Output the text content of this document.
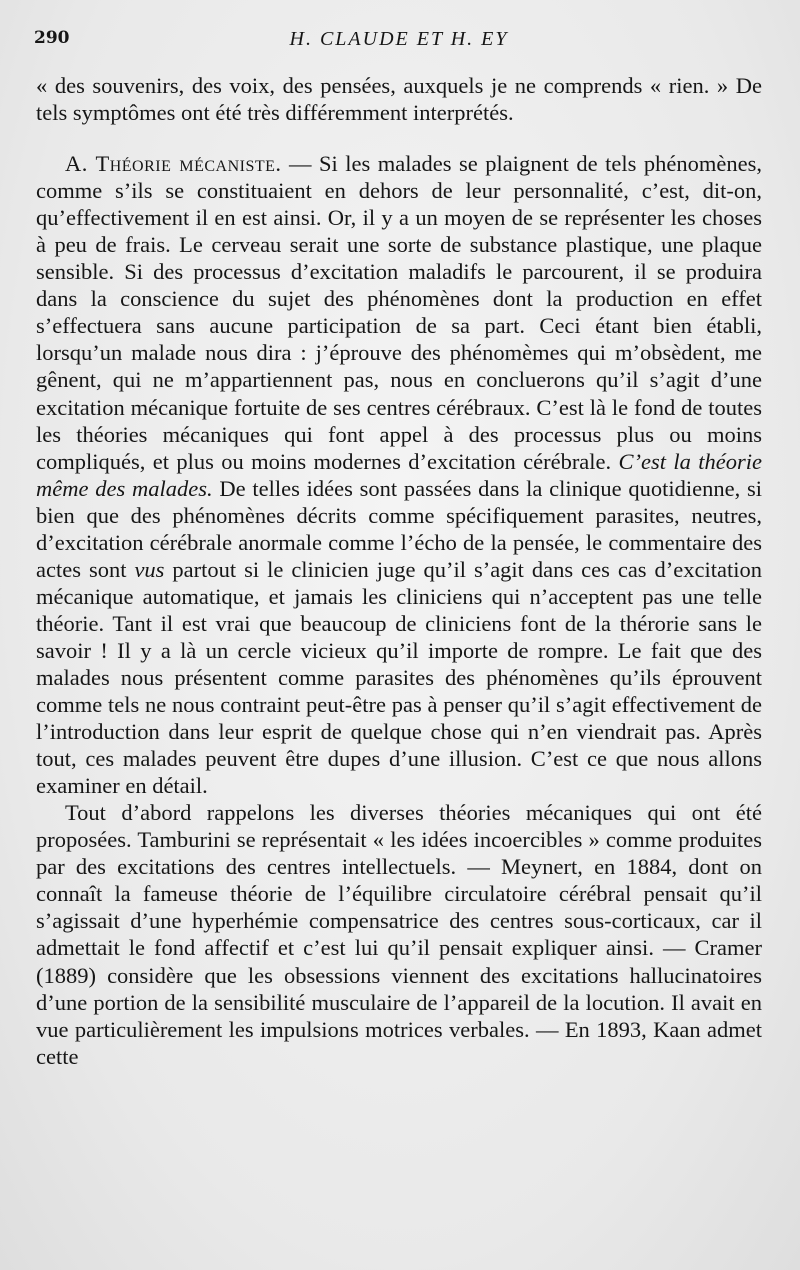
290	H. CLAUDE ET H. EY

« des souvenirs, des voix, des pensées, auxquels je ne comprends « rien. » De tels symptômes ont été très différemment interprétés.

A. Théorie mécaniste. — Si les malades se plaignent de tels phénomènes, comme s’ils se constituaient en dehors de leur personnalité, c’est, dit-on, qu’effectivement il en est ainsi. Or, il y a un moyen de se représenter les choses à peu de frais. Le cerveau serait une sorte de substance plastique, une plaque sensible. Si des processus d’excitation maladifs le parcourent, il se produira dans la conscience du sujet des phénomènes dont la production en effet s’effectuera sans aucune participation de sa part. Ceci étant bien établi, lorsqu’un malade nous dira : j’éprouve des phénomèmes qui m’obsèdent, me gênent, qui ne m’appartiennent pas, nous en concluerons qu’il s’agit d’une excitation mécanique fortuite de ses centres cérébraux. C’est là le fond de toutes les théories mécaniques qui font appel à des processus plus ou moins compliqués, et plus ou moins modernes d’excitation cérébrale. C’est la théorie même des malades. De telles idées sont passées dans la clinique quotidienne, si bien que des phénomènes décrits comme spécifiquement parasites, neutres, d’excitation cérébrale anormale comme l’écho de la pensée, le commentaire des actes sont vus partout si le clinicien juge qu’il s’agit dans ces cas d’excitation mécanique automatique, et jamais les cliniciens qui n’acceptent pas une telle théorie. Tant il est vrai que beaucoup de cliniciens font de la thérorie sans le savoir ! Il y a là un cercle vicieux qu’il importe de rompre. Le fait que des malades nous présentent comme parasites des phénomènes qu’ils éprouvent comme tels ne nous contraint peut-être pas à penser qu’il s’agit effectivement de l’introduction dans leur esprit de quelque chose qui n’en viendrait pas. Après tout, ces malades peuvent être dupes d’une illusion. C’est ce que nous allons examiner en détail.

Tout d’abord rappelons les diverses théories mécaniques qui ont été proposées. Tamburini se représentait « les idées incoercibles » comme produites par des excitations des centres intellectuels. — Meynert, en 1884, dont on connaît la fameuse théorie de l’équilibre circulatoire cérébral pensait qu’il s’agissait d’une hyperhémie compensatrice des centres sous-corticaux, car il admettait le fond affectif et c’est lui qu’il pensait expliquer ainsi. — Cramer (1889) considère que les obsessions viennent des excitations hallucinatoires d’une portion de la sensibilité musculaire de l’appareil de la locution. Il avait en vue particulièrement les impulsions motrices verbales. — En 1893, Kaan admet cette
